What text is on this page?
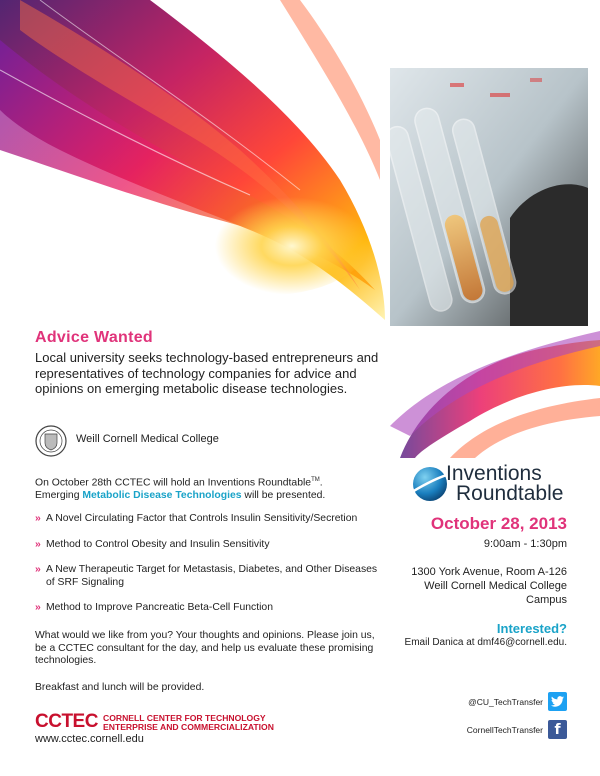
Advice Wanted
Local university seeks technology-based entrepreneurs and representatives of technology companies for advice and opinions on emerging metabolic disease technologies.
Weill Cornell Medical College
On October 28th CCTEC will hold an Inventions Roundtable™.
Emerging Metabolic Disease Technologies will be presented.
» A Novel Circulating Factor that Controls Insulin Sensitivity/Secretion
» Method to Control Obesity and Insulin Sensitivity
» A New Therapeutic Target for Metastasis, Diabetes, and Other Diseases of SRF Signaling
» Method to Improve Pancreatic Beta-Cell Function
What would we like from you? Your thoughts and opinions. Please join us, be a CCTEC consultant for the day, and help us evaluate these promising technologies.
Breakfast and lunch will be provided.
CCTEC CORNELL CENTER FOR TECHNOLOGY
ENTERPRISE AND COMMERCIALIZATION
www.cctec.cornell.edu
Inventions
Roundtable
October 28, 2013
9:00am - 1:30pm
1300 York Avenue, Room A-126
Weill Cornell Medical College
Campus
Interested?
Email Danica at dmf46@cornell.edu.
@CU_TechTransfer
CornellTechTransfer f
